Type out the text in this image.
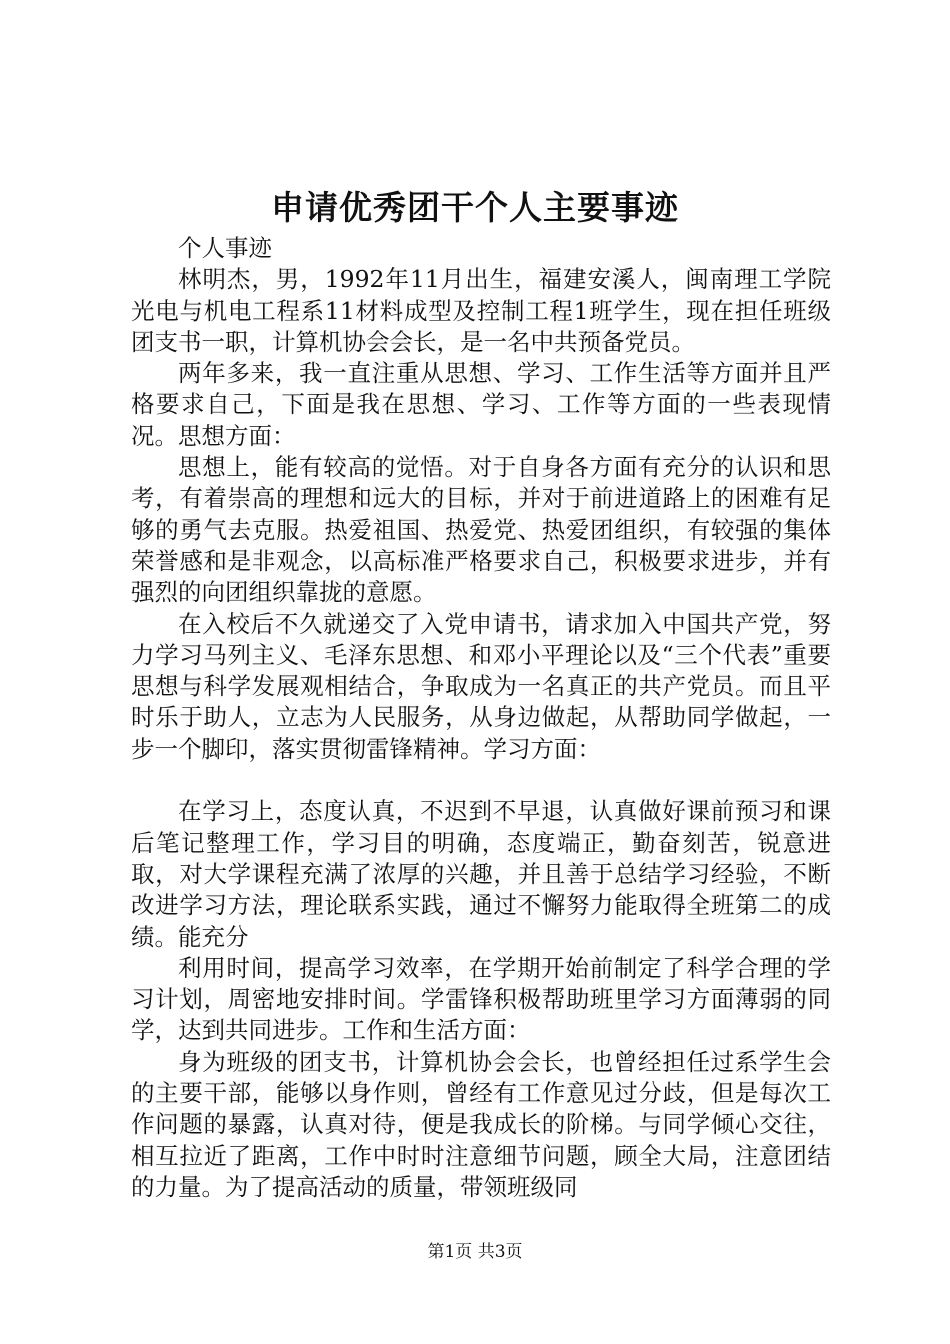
申请优秀团干个人主要事迹

个人事迹

林明杰，男，1992年11月出生，福建安溪人，闽南理工学院光电与机电工程系11材料成型及控制工程1班学生，现在担任班级团支书一职，计算机协会会长，是一名中共预备党员。

两年多来，我一直注重从思想、学习、工作生活等方面并且严格要求自己，下面是我在思想、学习、工作等方面的一些表现情况。思想方面：

思想上，能有较高的觉悟。对于自身各方面有充分的认识和思考，有着崇高的理想和远大的目标，并对于前进道路上的困难有足够的勇气去克服。热爱祖国、热爱党、热爱团组织，有较强的集体荣誉感和是非观念，以高标准严格要求自己，积极要求进步，并有强烈的向团组织靠拢的意愿。

在入校后不久就递交了入党申请书，请求加入中国共产党，努力学习马列主义、毛泽东思想、和邓小平理论以及“三个代表”重要思想与科学发展观相结合，争取成为一名真正的共产党员。而且平时乐于助人，立志为人民服务，从身边做起，从帮助同学做起，一步一个脚印，落实贯彻雷锋精神。学习方面：

在学习上，态度认真，不迟到不早退，认真做好课前预习和课后笔记整理工作，学习目的明确，态度端正，勤奋刻苦，锐意进取，对大学课程充满了浓厚的兴趣，并且善于总结学习经验，不断改进学习方法，理论联系实践，通过不懈努力能取得全班第二的成绩。能充分

利用时间，提高学习效率，在学期开始前制定了科学合理的学习计划，周密地安排时间。学雷锋积极帮助班里学习方面薄弱的同学，达到共同进步。工作和生活方面：

身为班级的团支书，计算机协会会长，也曾经担任过系学生会的主要干部，能够以身作则，曾经有工作意见过分歧，但是每次工作问题的暴露，认真对待，便是我成长的阶梯。与同学倾心交往，相互拉近了距离，工作中时时注意细节问题，顾全大局，注意团结的力量。为了提高活动的质量，带领班级同

第1页 共3页
